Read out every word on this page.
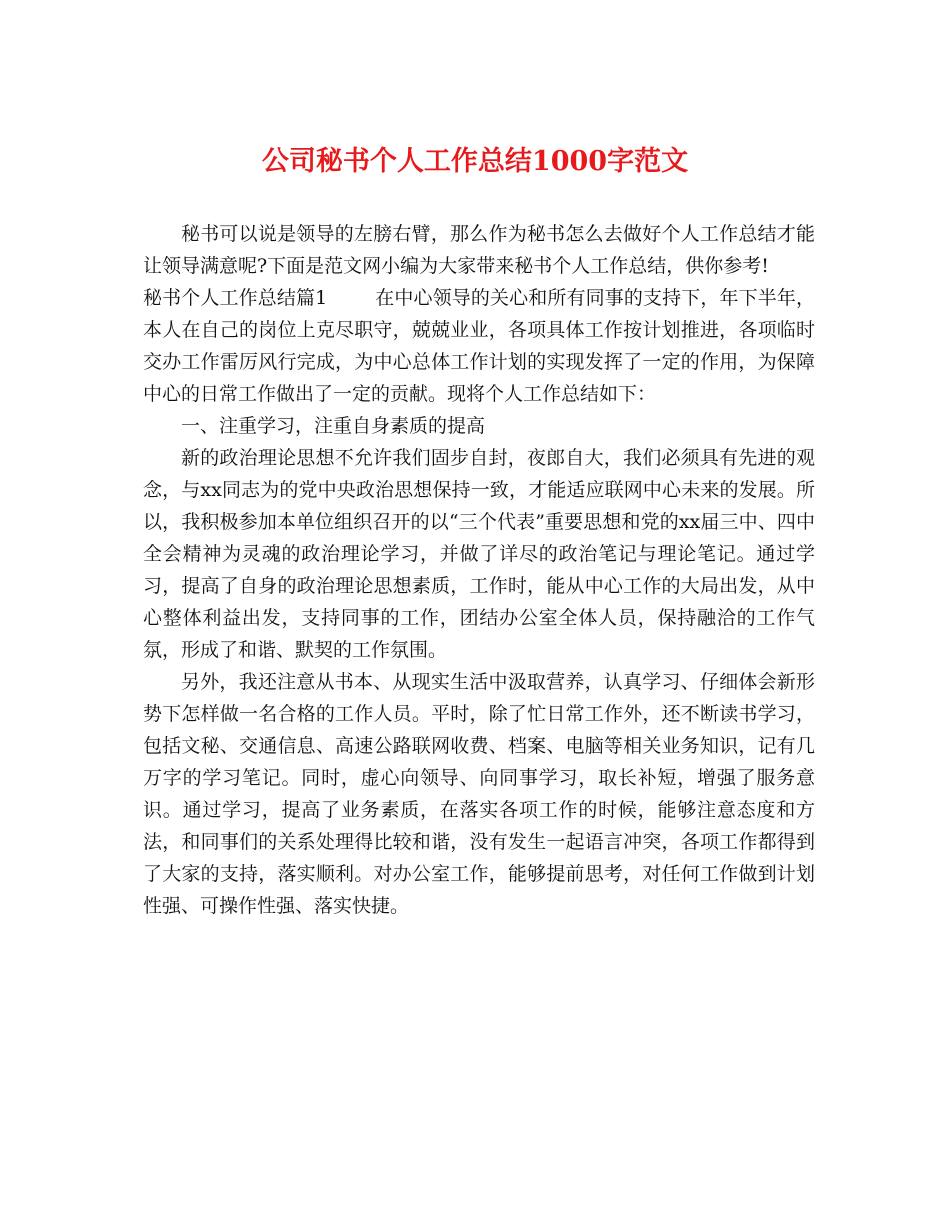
公司秘书个人工作总结1000字范文

秘书可以说是领导的左膀右臂，那么作为秘书怎么去做好个人工作总结才能让领导满意呢?下面是范文网小编为大家带来秘书个人工作总结，供你参考!

秘书个人工作总结篇1	在中心领导的关心和所有同事的支持下，年下半年，本人在自己的岗位上克尽职守，兢兢业业，各项具体工作按计划推进，各项临时交办工作雷厉风行完成，为中心总体工作计划的实现发挥了一定的作用，为保障中心的日常工作做出了一定的贡献。现将个人工作总结如下：

一、注重学习，注重自身素质的提高

新的政治理论思想不允许我们固步自封，夜郎自大，我们必须具有先进的观念，与xx同志为的党中央政治思想保持一致，才能适应联网中心未来的发展。所以，我积极参加本单位组织召开的以“三个代表”重要思想和党的xx届三中、四中全会精神为灵魂的政治理论学习，并做了详尽的政治笔记与理论笔记。通过学习，提高了自身的政治理论思想素质，工作时，能从中心工作的大局出发，从中心整体利益出发，支持同事的工作，团结办公室全体人员，保持融洽的工作气氛，形成了和谐、默契的工作氛围。

另外，我还注意从书本、从现实生活中汲取营养，认真学习、仔细体会新形势下怎样做一名合格的工作人员。平时，除了忙日常工作外，还不断读书学习，包括文秘、交通信息、高速公路联网收费、档案、电脑等相关业务知识，记有几万字的学习笔记。同时，虚心向领导、向同事学习，取长补短，增强了服务意识。通过学习，提高了业务素质，在落实各项工作的时候，能够注意态度和方法，和同事们的关系处理得比较和谐，没有发生一起语言冲突，各项工作都得到了大家的支持，落实顺利。对办公室工作，能够提前思考，对任何工作做到计划性强、可操作性强、落实快捷。
